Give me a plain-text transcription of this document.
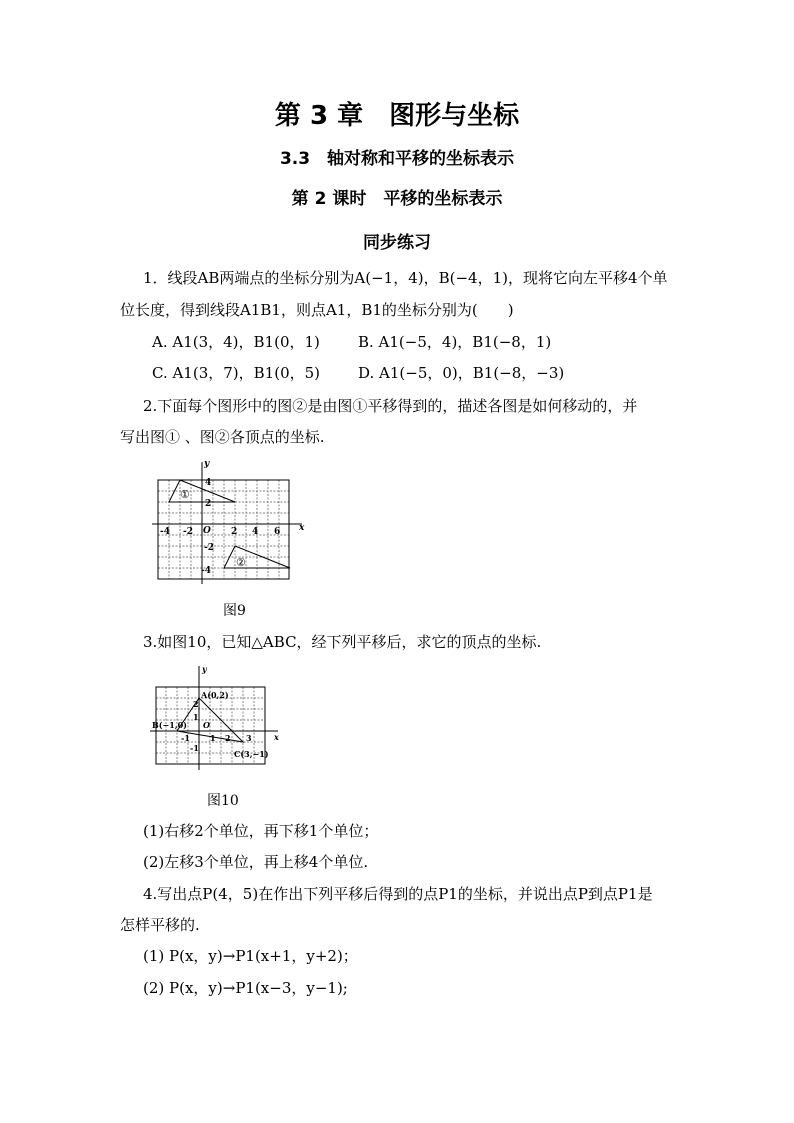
第 3 章　图形与坐标
3.3　轴对称和平移的坐标表示
第 2 课时　平移的坐标表示
同步练习
1．线段AB两端点的坐标分别为A(−1，4)，B(−4，1)，现将它向左平移4个单
位长度，得到线段A1B1，则点A1，B1的坐标分别为(　　)
A. A1(3，4)，B1(0，1)	B. A1(−5，4)，B1(−8，1)
C. A1(3，7)，B1(0，5)	D. A1(−5，0)，B1(−8，−3)
2.下面每个图形中的图②是由图①平移得到的，描述各图是如何移动的，并
写出图① 、图②各顶点的坐标.
y
x
O
-4 -2	2 4 6
4
2
-2
-4
①
②
图9
3.如图10，已知△ABC，经下列平移后，求它的顶点的坐标.
y
x
O
A(0,2)
B(−1,0)
C(3,−1)
-1	1 2 3
2
1
-1
图10
(1)右移2个单位，再下移1个单位；
(2)左移3个单位，再上移4个单位.
4.写出点P(4，5)在作出下列平移后得到的点P1的坐标，并说出点P到点P1是
怎样平移的.
(1) P(x，y)→P1(x+1，y+2)；
(2) P(x，y)→P1(x−3，y−1);
